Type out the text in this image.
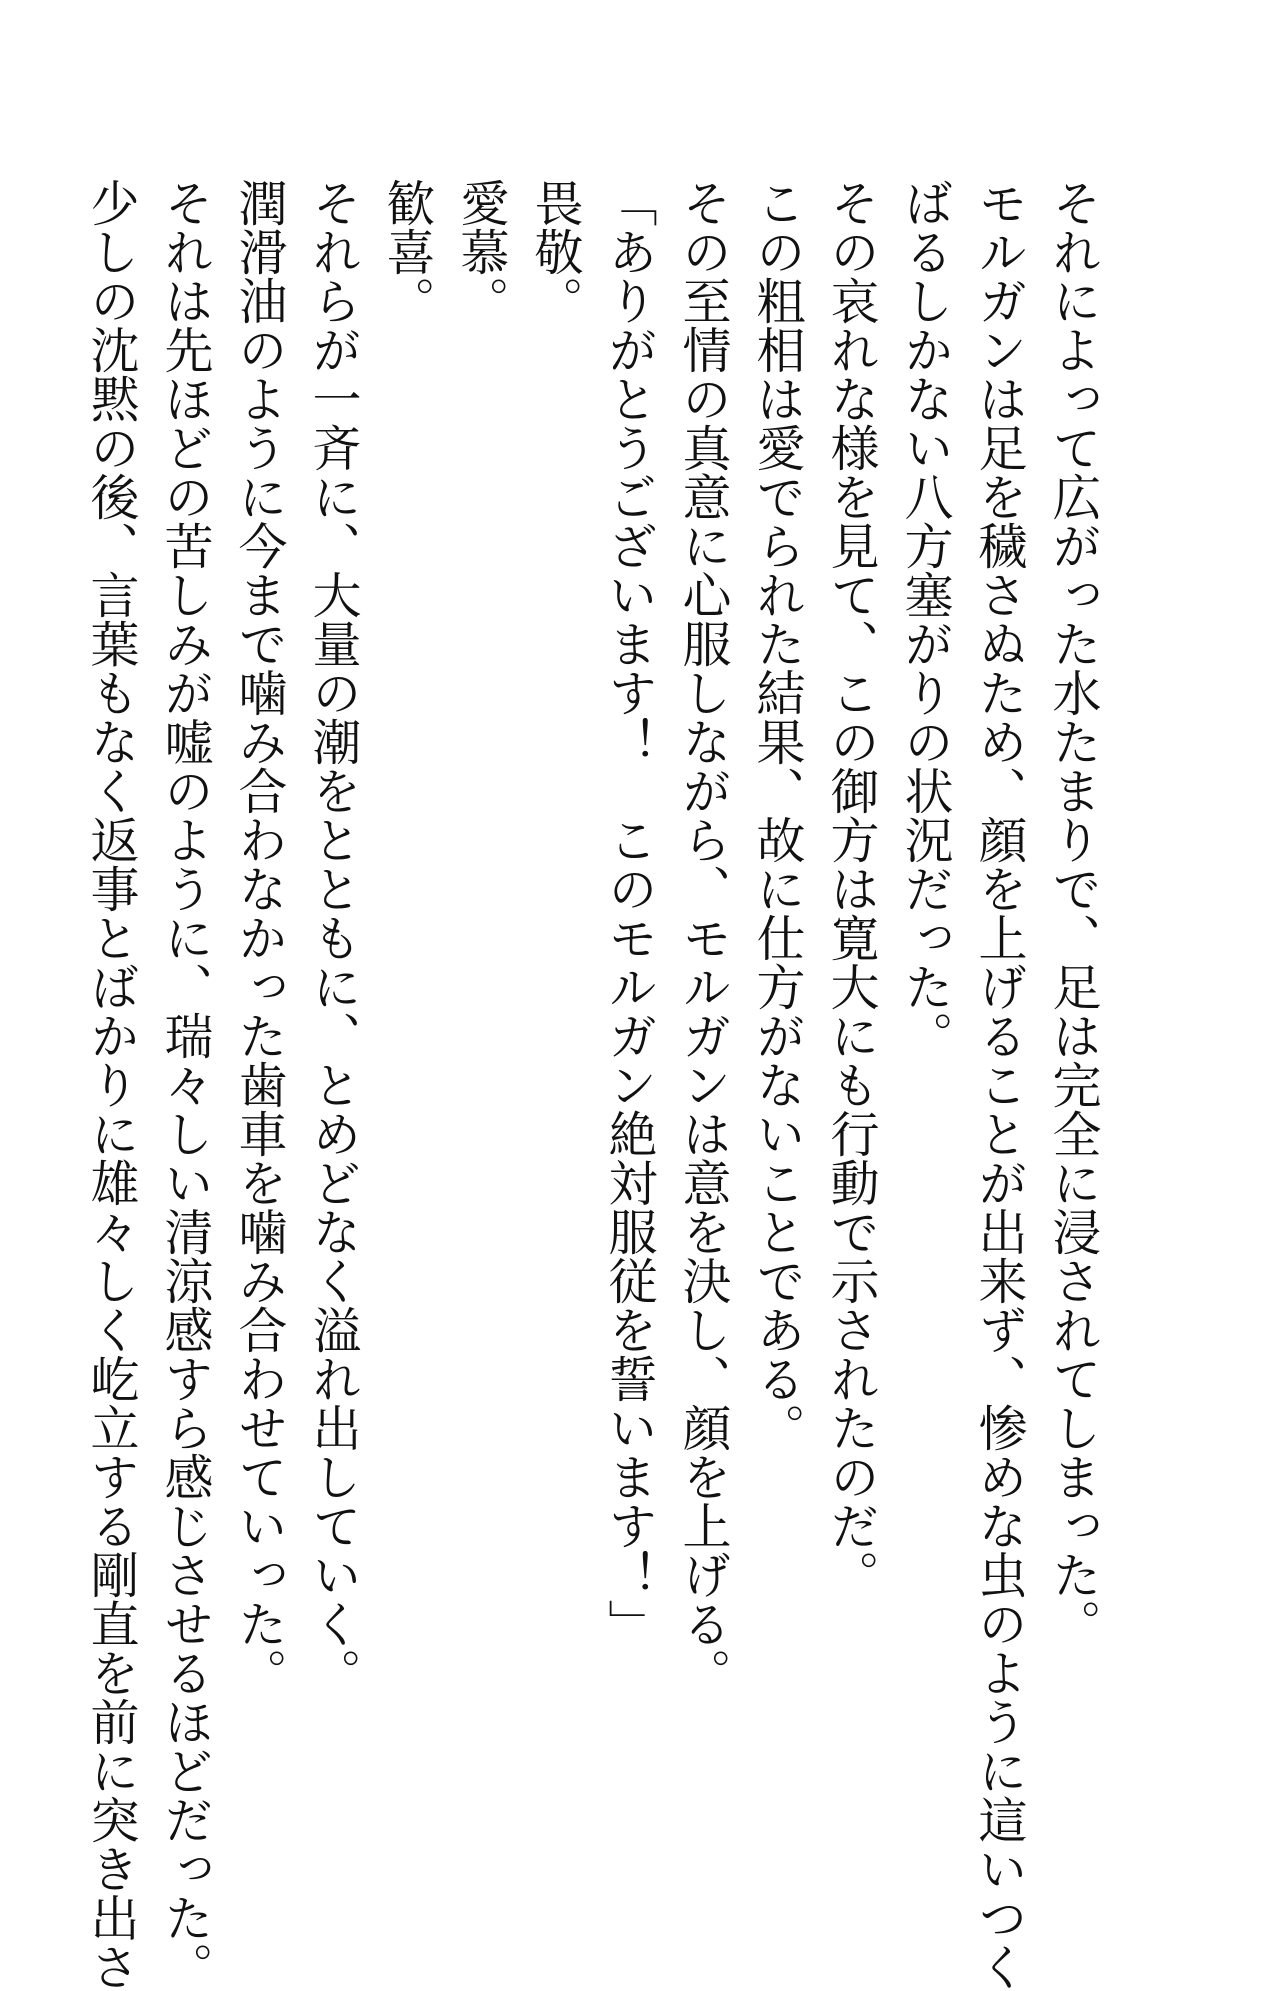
それによって広がった水たまりで、足は完全に浸されてしまった。
モルガンは足を穢さぬため、顔を上げることが出来ず、惨めな虫のように這いつく
ばるしかない八方塞がりの状況だった。
その哀れな様を見て、この御方は寛大にも行動で示されたのだ。
この粗相は愛でられた結果、故に仕方がないことである。
その至情の真意に心服しながら、モルガンは意を決し、顔を上げる。
「ありがとうございます！　このモルガン絶対服従を誓います！」
畏敬。
愛慕。
歓喜。
それらが一斉に、大量の潮をとともに、とめどなく溢れ出していく。
潤滑油のように今まで噛み合わなかった歯車を噛み合わせていった。
それは先ほどの苦しみが嘘のように、瑞々しい清涼感すら感じさせるほどだった。
少しの沈黙の後、言葉もなく返事とばかりに雄々しく屹立する剛直を前に突き出さ
